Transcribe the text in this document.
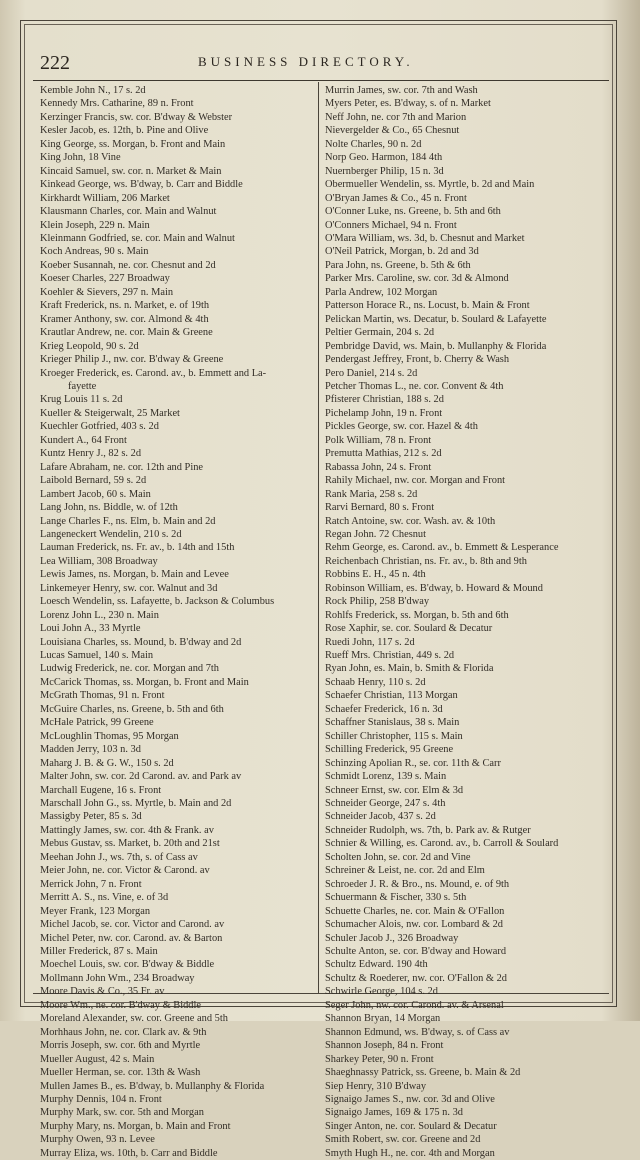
222	BUSINESS DIRECTORY.
Kemble John N., 17 s. 2d
Kennedy Mrs. Catharine, 89 n. Front
Kerzinger Francis, sw. cor. B'dway & Webster
Kesler Jacob, es. 12th, b. Pine and Olive
King George, ss. Morgan, b. Front and Main
King John, 18 Vine
Kincaid Samuel, sw. cor. n. Market & Main
Kinkead George, ws. B'dway, b. Carr and Biddle
Kirkhardt William, 206 Market
Klausmann Charles, cor. Main and Walnut
Klein Joseph, 229 n. Main
Kleinmann Godfried, se. cor. Main and Walnut
Koch Andreas, 90 s. Main
Koeber Susannah, ne. cor. Chesnut and 2d
Koeser Charles, 227 Broadway
Koehler & Sievers, 297 n. Main
Kraft Frederick, ns. n. Market, e. of 19th
Kramer Anthony, sw. cor. Almond & 4th
Krautlar Andrew, ne. cor. Main & Greene
Krieg Leopold, 90 s. 2d
Krieger Philip J., nw. cor. B'dway & Greene
Kroeger Frederick, es. Carond. av., b. Emmett and La-
fayette
Krug Louis 11 s. 2d
Kueller & Steigerwalt, 25 Market
Kuechler Gotfried, 403 s. 2d
Kundert A., 64 Front
Kuntz Henry J., 82 s. 2d
Lafare Abraham, ne. cor. 12th and Pine
Laibold Bernard, 59 s. 2d
Lambert Jacob, 60 s. Main
Lang John, ns. Biddle, w. of 12th
Lange Charles F., ns. Elm, b. Main and 2d
Langeneckert Wendelin, 210 s. 2d
Lauman Frederick, ns. Fr. av., b. 14th and 15th
Lea William, 308 Broadway
Lewis James, ns. Morgan, b. Main and Levee
Linkemeyer Henry, sw. cor. Walnut and 3d
Loesch Wendelin, ss. Lafayette, b. Jackson & Columbus
Lorenz John L., 230 n. Main
Loui John A., 33 Myrtle
Louisiana Charles, ss. Mound, b. B'dway and 2d
Lucas Samuel, 140 s. Main
Ludwig Frederick, ne. cor. Morgan and 7th
McCarick Thomas, ss. Morgan, b. Front and Main
McGrath Thomas, 91 n. Front
McGuire Charles, ns. Greene, b. 5th and 6th
McHale Patrick, 99 Greene
McLoughlin Thomas, 95 Morgan
Madden Jerry, 103 n. 3d
Maharg J. B. & G. W., 150 s. 2d
Malter John, sw. cor. 2d Carond. av. and Park av
Marchall Eugene, 16 s. Front
Marschall John G., ss. Myrtle, b. Main and 2d
Massigby Peter, 85 s. 3d
Mattingly James, sw. cor. 4th & Frank. av
Mebus Gustav, ss. Market, b. 20th and 21st
Meehan John J., ws. 7th, s. of Cass av
Meier John, ne. cor. Victor & Carond. av
Merrick John, 7 n. Front
Merritt A. S., ns. Vine, e. of 3d
Meyer Frank, 123 Morgan
Michel Jacob, se. cor. Victor and Carond. av
Michel Peter, nw. cor. Carond. av. & Barton
Miller Frederick, 87 s. Main
Moechel Louis, sw. cor. B'dway & Biddle
Mollmann John Wm., 234 Broadway
Moore Davis & Co., 35 Fr. av
Moore Wm., ne. cor. B'dway & Biddle
Moreland Alexander, sw. cor. Greene and 5th
Morhhaus John, ne. cor. Clark av. & 9th
Morris Joseph, sw. cor. 6th and Myrtle
Mueller August, 42 s. Main
Mueller Herman, se. cor. 13th & Wash
Mullen James B., es. B'dway, b. Mullanphy & Florida
Murphy Dennis, 104 n. Front
Murphy Mark, sw. cor. 5th and Morgan
Murphy Mary, ns. Morgan, b. Main and Front
Murphy Owen, 93 n. Levee
Murray Eliza, ws. 10th, b. Carr and Biddle
Murrin James, sw. cor. 7th and Wash
Myers Peter, es. B'dway, s. of n. Market
Neff John, ne. cor 7th and Marion
Nievergelder & Co., 65 Chesnut
Nolte Charles, 90 n. 2d
Norp Geo. Harmon, 184 4th
Nuernberger Philip, 15 n. 3d
Obermueller Wendelin, ss. Myrtle, b. 2d and Main
O'Bryan James & Co., 45 n. Front
O'Conner Luke, ns. Greene, b. 5th and 6th
O'Conners Michael, 94 n. Front
O'Mara William, ws. 3d, b. Chesnut and Market
O'Neil Patrick, Morgan, b. 2d and 3d
Para John, ns. Greene, b. 5th & 6th
Parker Mrs. Caroline, sw. cor. 3d & Almond
Parla Andrew, 102 Morgan
Patterson Horace R., ns. Locust, b. Main & Front
Pelickan Martin, ws. Decatur, b. Soulard & Lafayette
Peltier Germain, 204 s. 2d
Pembridge David, ws. Main, b. Mullanphy & Florida
Pendergast Jeffrey, Front, b. Cherry & Wash
Pero Daniel, 214 s. 2d
Petcher Thomas L., ne. cor. Convent & 4th
Pfisterer Christian, 188 s. 2d
Pichelamp John, 19 n. Front
Pickles George, sw. cor. Hazel & 4th
Polk William, 78 n. Front
Premutta Mathias, 212 s. 2d
Rabassa John, 24 s. Front
Rahily Michael, nw. cor. Morgan and Front
Rank Maria, 258 s. 2d
Rarvi Bernard, 80 s. Front
Ratch Antoine, sw. cor. Wash. av. & 10th
Regan John. 72 Chesnut
Rehm George, es. Carond. av., b. Emmett & Lesperance
Reichenbach Christian, ns. Fr. av., b. 8th and 9th
Robbins E. H., 45 n. 4th
Robinson William, es. B'dway, b. Howard & Mound
Rock Philip, 258 B'dway
Rohlfs Frederick, ss. Morgan, b. 5th and 6th
Rose Xaphir, se. cor. Soulard & Decatur
Ruedi John, 117 s. 2d
Rueff Mrs. Christian, 449 s. 2d
Ryan John, es. Main, b. Smith & Florida
Schaab Henry, 110 s. 2d
Schaefer Christian, 113 Morgan
Schaefer Frederick, 16 n. 3d
Schaffner Stanislaus, 38 s. Main
Schiller Christopher, 115 s. Main
Schilling Frederick, 95 Greene
Schinzing Apolian R., se. cor. 11th & Carr
Schmidt Lorenz, 139 s. Main
Schneer Ernst, sw. cor. Elm & 3d
Schneider George, 247 s. 4th
Schneider Jacob, 437 s. 2d
Schneider Rudolph, ws. 7th, b. Park av. & Rutger
Schnier & Willing, es. Carond. av., b. Carroll & Soulard
Scholten John, se. cor. 2d and Vine
Schreiner & Leist, ne. cor. 2d and Elm
Schroeder J. R. & Bro., ns. Mound, e. of 9th
Schuermann & Fischer, 330 s. 5th
Schuette Charles, ne. cor. Main & O'Fallon
Schumacher Alois, nw. cor. Lombard & 2d
Schuler Jacob J., 326 Broadway
Schulte Anton, se. cor. B'dway and Howard
Schultz Edward. 190 4th
Schultz & Roederer, nw. cor. O'Fallon & 2d
Schwirle George, 104 s. 2d
Seger John, nw. cor. Carond. av. & Arsenal
Shannon Bryan, 14 Morgan
Shannon Edmund, ws. B'dway, s. of Cass av
Shannon Joseph, 84 n. Front
Sharkey Peter, 90 n. Front
Shaeghnassy Patrick, ss. Greene, b. Main & 2d
Siep Henry, 310 B'dway
Signaigo James S., nw. cor. 3d and Olive
Signaigo James, 169 & 175 n. 3d
Singer Anton, ne. cor. Soulard & Decatur
Smith Robert, sw. cor. Greene and 2d
Smyth Hugh H., ne. cor. 4th and Morgan
